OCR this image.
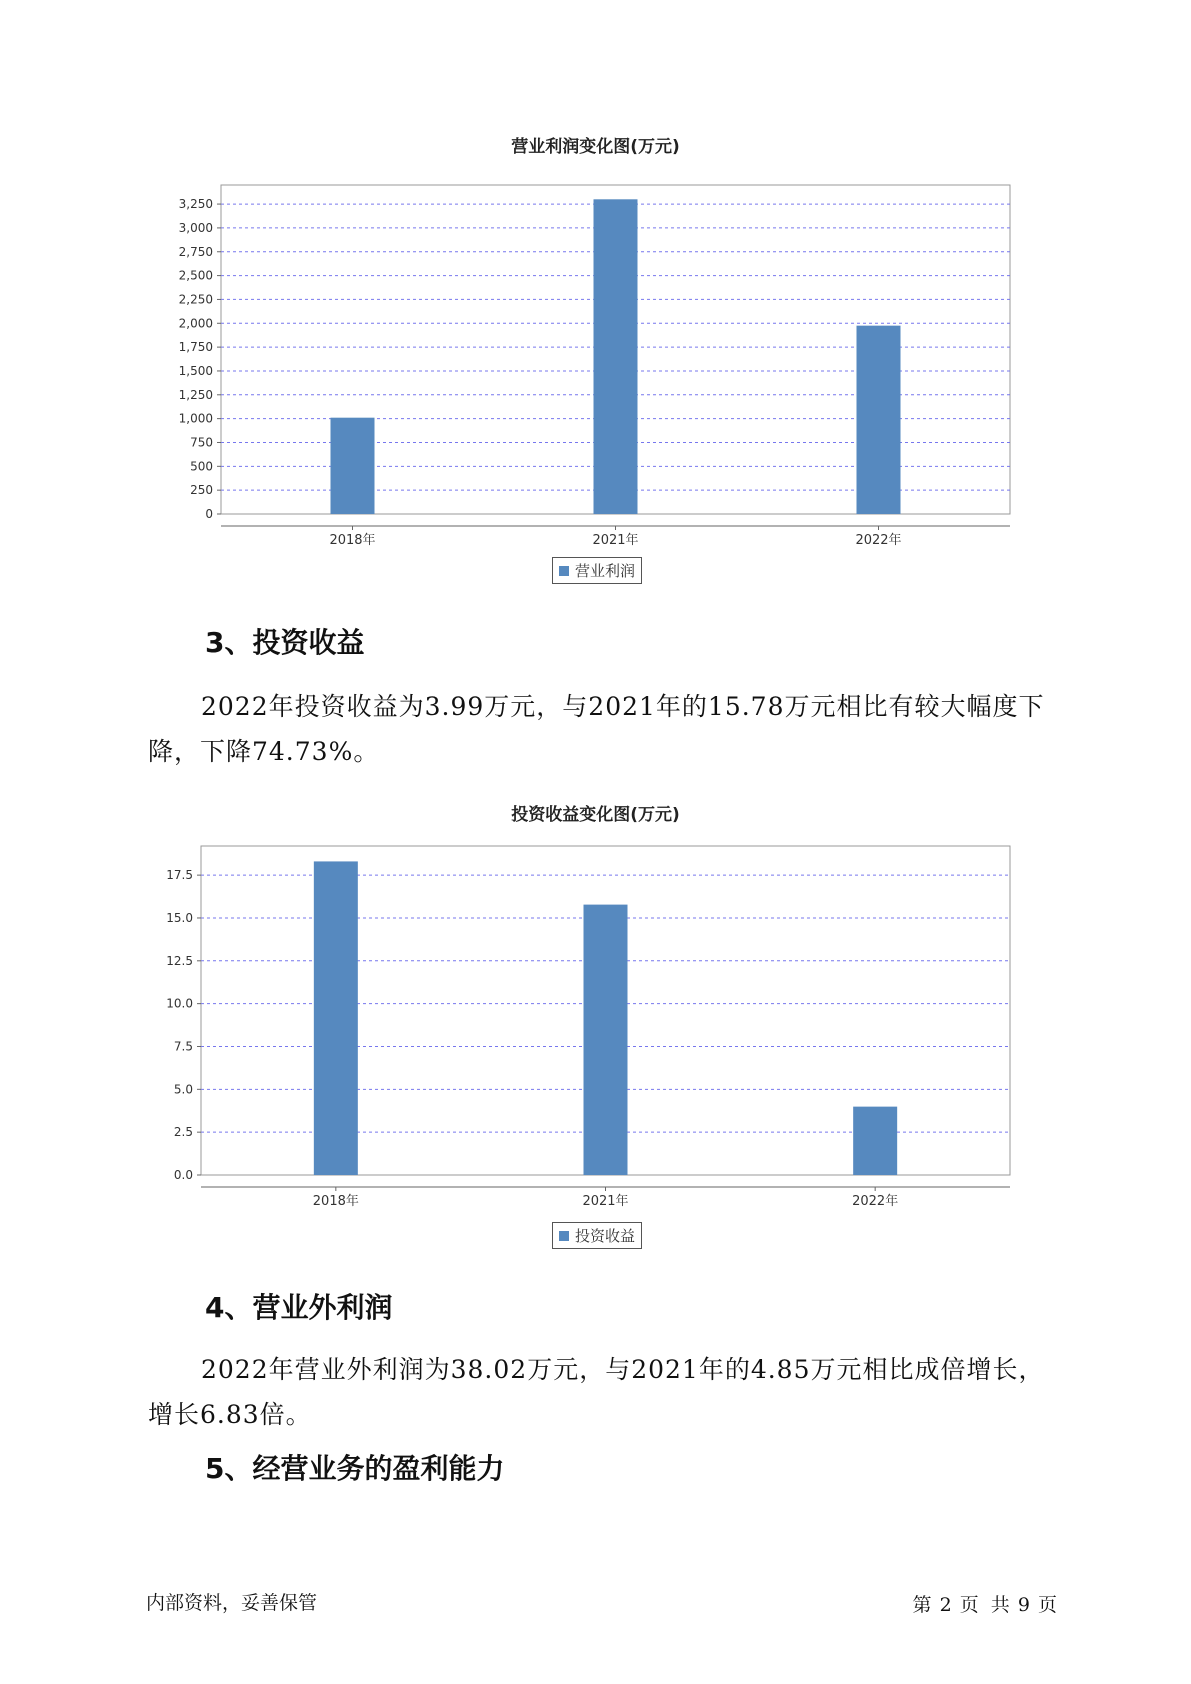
营业利润变化图(万元)
0
250
500
750
1,000
1,250
1,500
1,750
2,000
2,250
2,500
2,750
3,000
3,250
2018年	2021年	2022年
营业利润
3、投资收益
2022年投资收益为3.99万元，与2021年的15.78万元相比有较大幅度下降，下降74.73%。
投资收益变化图(万元)
0.0
2.5
5.0
7.5
10.0
12.5
15.0
17.5
2018年	2021年	2022年
投资收益
4、营业外利润
2022年营业外利润为38.02万元，与2021年的4.85万元相比成倍增长，增长6.83倍。
5、经营业务的盈利能力
内部资料，妥善保管	第 2 页  共 9 页
